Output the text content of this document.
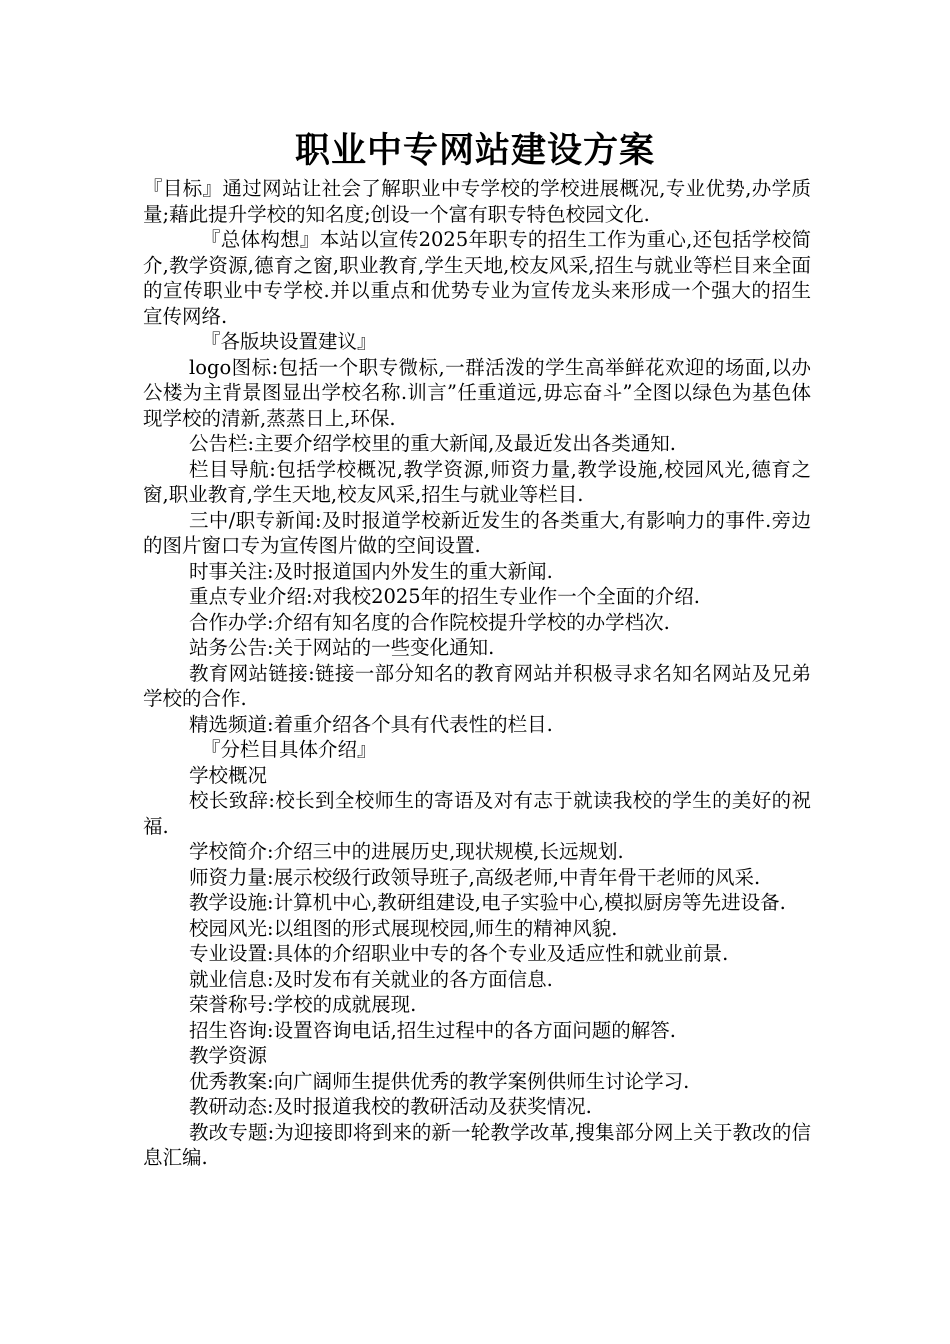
职业中专网站建设方案

『目标』通过网站让社会了解职业中专学校的学校进展概况,专业优势,办学质量;藉此提升学校的知名度;创设一个富有职专特色校园文化.

『总体构想』本站以宣传2025年职专的招生工作为重心,还包括学校简介,教学资源,德育之窗,职业教育,学生天地,校友风采,招生与就业等栏目来全面的宣传职业中专学校.并以重点和优势专业为宣传龙头来形成一个强大的招生宣传网络.

『各版块设置建议』

logo图标:包括一个职专微标,一群活泼的学生高举鲜花欢迎的场面,以办公楼为主背景图显出学校名称.训言”任重道远,毋忘奋斗”全图以绿色为基色体现学校的清新,蒸蒸日上,环保.

公告栏:主要介绍学校里的重大新闻,及最近发出各类通知.

栏目导航:包括学校概况,教学资源,师资力量,教学设施,校园风光,德育之窗,职业教育,学生天地,校友风采,招生与就业等栏目.

三中/职专新闻:及时报道学校新近发生的各类重大,有影响力的事件.旁边的图片窗口专为宣传图片做的空间设置.

时事关注:及时报道国内外发生的重大新闻.

重点专业介绍:对我校2025年的招生专业作一个全面的介绍.

合作办学:介绍有知名度的合作院校提升学校的办学档次.

站务公告:关于网站的一些变化通知.

教育网站链接:链接一部分知名的教育网站并积极寻求名知名网站及兄弟学校的合作.

精选频道:着重介绍各个具有代表性的栏目.

『分栏目具体介绍』

学校概况

校长致辞:校长到全校师生的寄语及对有志于就读我校的学生的美好的祝福.

学校简介:介绍三中的进展历史,现状规模,长远规划.

师资力量:展示校级行政领导班子,高级老师,中青年骨干老师的风采.

教学设施:计算机中心,教研组建设,电子实验中心,模拟厨房等先进设备.

校园风光:以组图的形式展现校园,师生的精神风貌.

专业设置:具体的介绍职业中专的各个专业及适应性和就业前景.

就业信息:及时发布有关就业的各方面信息.

荣誉称号:学校的成就展现.

招生咨询:设置咨询电话,招生过程中的各方面问题的解答.

教学资源

优秀教案:向广阔师生提供优秀的教学案例供师生讨论学习.

教研动态:及时报道我校的教研活动及获奖情况.

教改专题:为迎接即将到来的新一轮教学改革,搜集部分网上关于教改的信息汇编.
